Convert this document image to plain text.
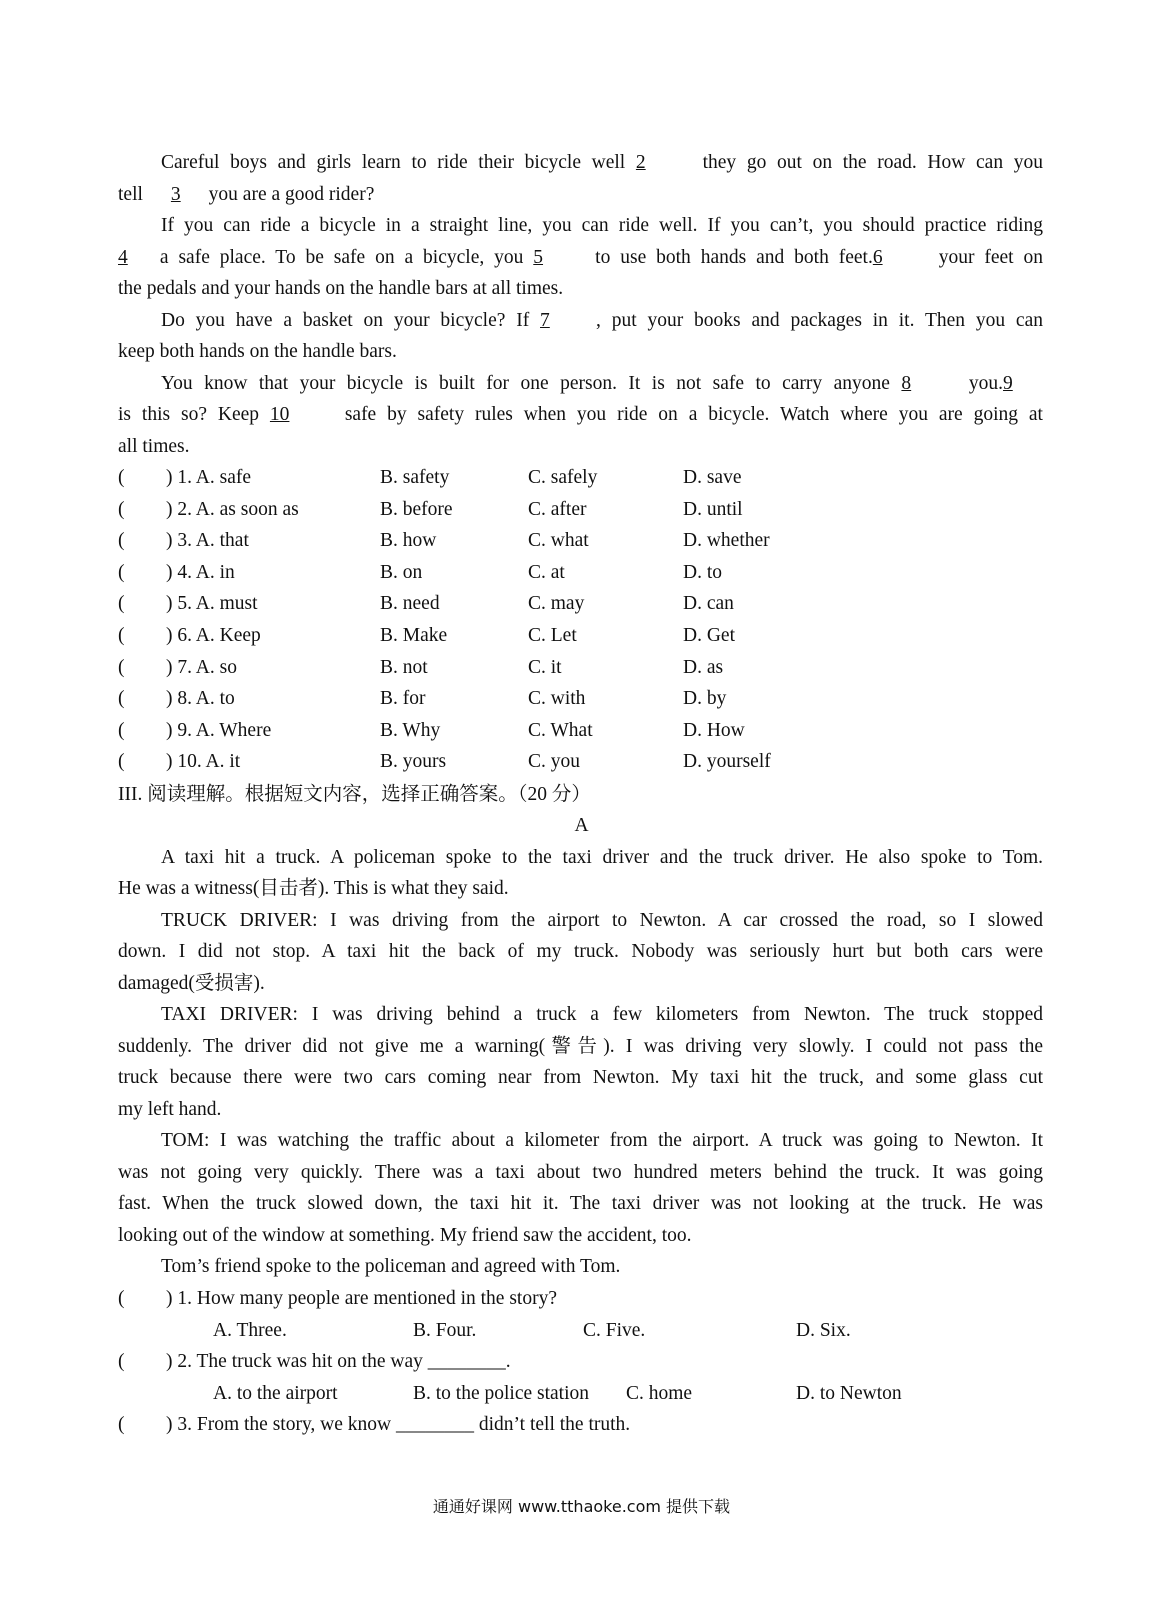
Careful boys and girls learn to ride their bicycle well 2 they go out on the road. How can you
tell 3 you are a good rider?
If you can ride a bicycle in a straight line, you can ride well. If you can’t, you should practice riding
4 a safe place. To be safe on a bicycle, you 5 to use both hands and both feet.6 your feet on
the pedals and your hands on the handle bars at all times.
Do you have a basket on your bicycle? If 7 , put your books and packages in it. Then you can
keep both hands on the handle bars.
You know that your bicycle is built for one person. It is not safe to carry anyone 8 you.9
is this so? Keep 10 safe by safety rules when you ride on a bicycle. Watch where you are going at
all times.
( ) 1. A. safe	B. safety	C. safely	D. save
( ) 2. A. as soon as	B. before	C. after	D. until
( ) 3. A. that	B. how	C. what	D. whether
( ) 4. A. in	B. on	C. at	D. to
( ) 5. A. must	B. need	C. may	D. can
( ) 6. A. Keep	B. Make	C. Let	D. Get
( ) 7. A. so	B. not	C. it	D. as
( ) 8. A. to	B. for	C. with	D. by
( ) 9. A. Where	B. Why	C. What	D. How
( ) 10. A. it	B. yours	C. you	D. yourself
III. 阅读理解。根据短文内容，选择正确答案。（20 分）
A
A taxi hit a truck. A policeman spoke to the taxi driver and the truck driver. He also spoke to Tom.
He was a witness(目击者). This is what they said.
TRUCK DRIVER: I was driving from the airport to Newton. A car crossed the road, so I slowed
down. I did not stop. A taxi hit the back of my truck. Nobody was seriously hurt but both cars were
damaged(受损害).
TAXI DRIVER: I was driving behind a truck a few kilometers from Newton. The truck stopped
suddenly. The driver did not give me a warning(警告). I was driving very slowly. I could not pass the
truck because there were two cars coming near from Newton. My taxi hit the truck, and some glass cut
my left hand.
TOM: I was watching the traffic about a kilometer from the airport. A truck was going to Newton. It
was not going very quickly. There was a taxi about two hundred meters behind the truck. It was going
fast. When the truck slowed down, the taxi hit it. The taxi driver was not looking at the truck. He was
looking out of the window at something. My friend saw the accident, too.
Tom’s friend spoke to the policeman and agreed with Tom.
( ) 1. How many people are mentioned in the story?
A. Three.	B. Four.	C. Five.	D. Six.
( ) 2. The truck was hit on the way ________.
A. to the airport	B. to the police station C. home	D. to Newton
( ) 3. From the story, we know ________ didn’t tell the truth.
通通好课网 www.tthaoke.com 提供下载
